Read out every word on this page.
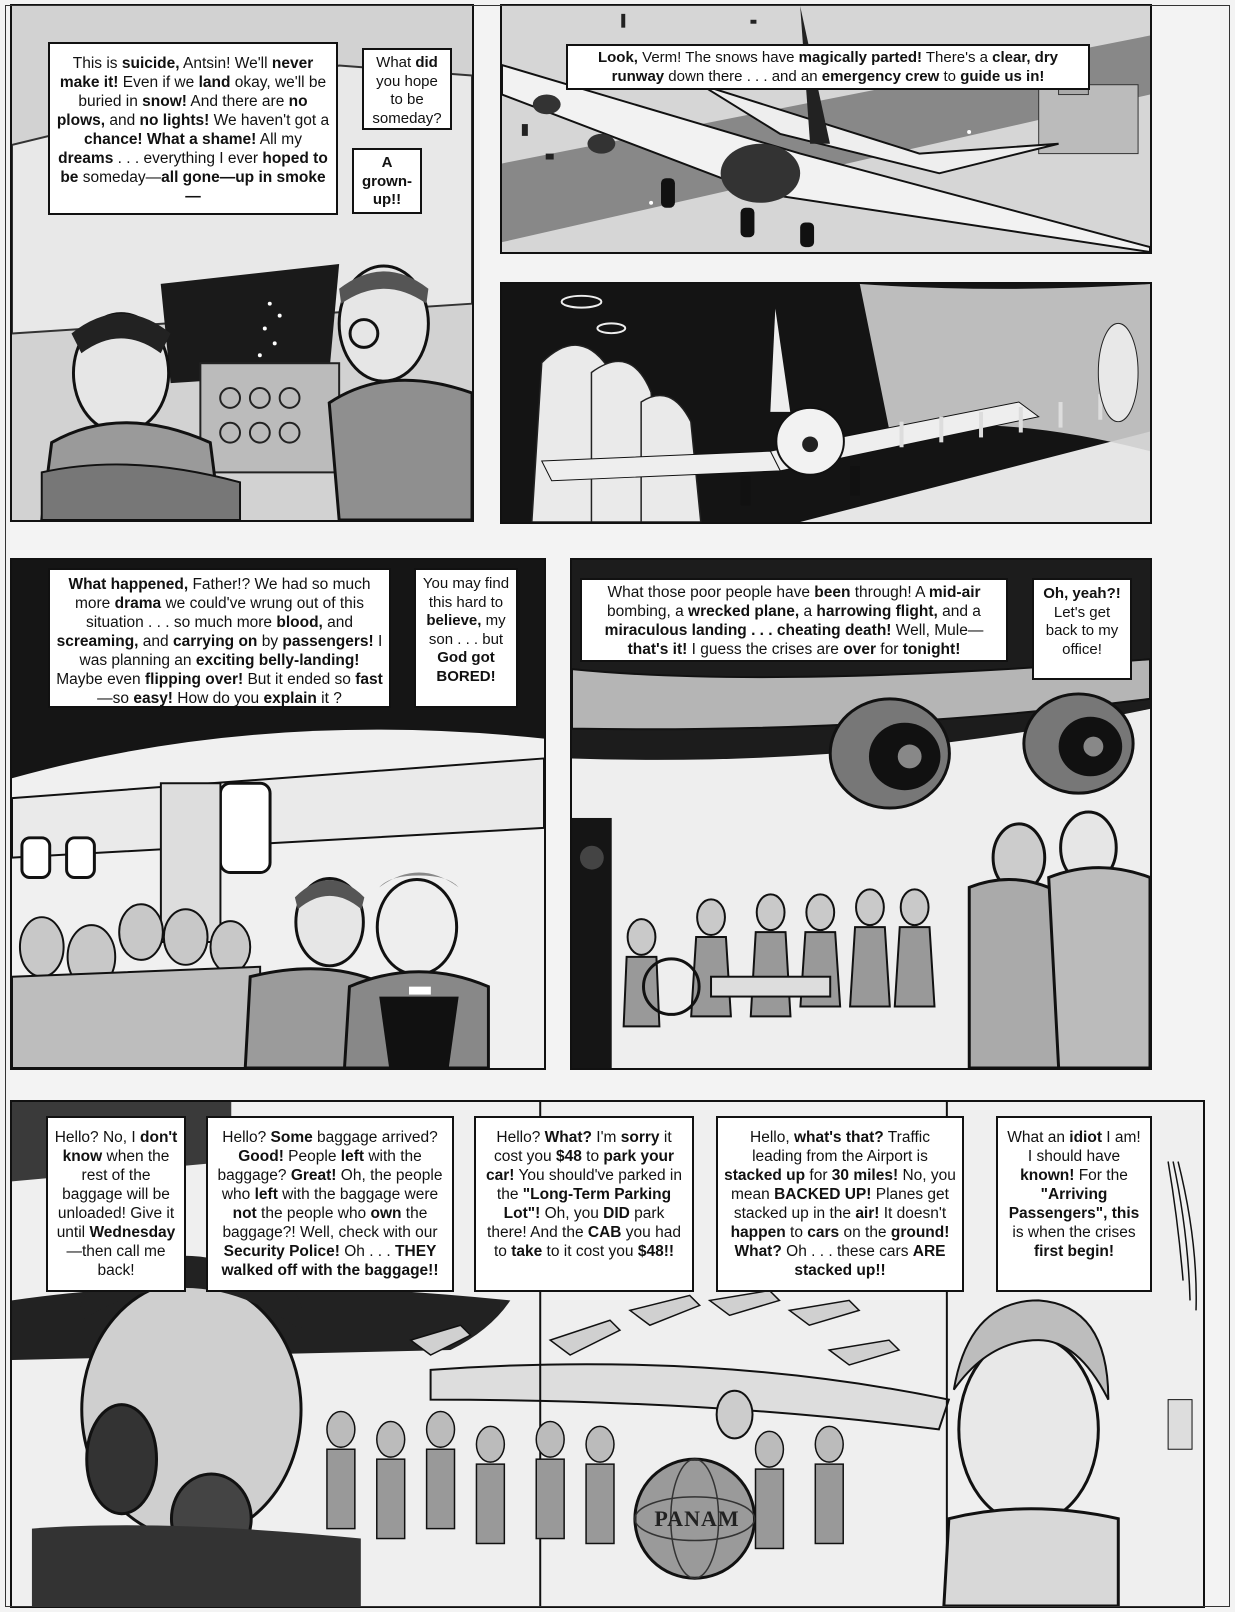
This is suicide, Antsin! We'll never make it! Even if we land okay, we'll be buried in snow! And there are no plows, and no lights! We haven't got a chance! What a shame! All my dreams . . . everything I ever hoped to be someday—all gone—up in smoke—
What did you hope to be someday?
A grown-up!!
Look, Verm! The snows have magically parted! There's a clear, dry runway down there . . . and an emergency crew to guide us in!
What happened, Father!? We had so much more drama we could've wrung out of this situation . . . so much more blood, and screaming, and carrying on by passengers! I was planning an exciting belly-landing! Maybe even flipping over! But it ended so fast—so easy! How do you explain it ?
You may find this hard to believe, my son . . . but God got BORED!
What those poor people have been through! A mid-air bombing, a wrecked plane, a harrowing flight, and a miraculous landing . . . cheating death! Well, Mule—that's it! I guess the crises are over for tonight!
Oh, yeah?! Let's get back to my office!
PANAM
Hello? No, I don't know when the rest of the baggage will be unloaded! Give it until Wednesday—then call me back!
Hello? Some baggage arrived? Good! People left with the baggage? Great! Oh, the people who left with the baggage were not the people who own the baggage?! Well, check with our Security Police! Oh . . . THEY walked off with the baggage!!
Hello? What? I'm sorry it cost you $48 to park your car! You should've parked in the "Long-Term Parking Lot"! Oh, you DID park there! And the CAB you had to take to it cost you $48!!
Hello, what's that? Traffic leading from the Airport is stacked up for 30 miles! No, you mean BACKED UP! Planes get stacked up in the air! It doesn't happen to cars on the ground! What? Oh . . . these cars ARE stacked up!!
What an idiot I am! I should have known! For the "Arriving Passengers", this is when the crises first begin!
